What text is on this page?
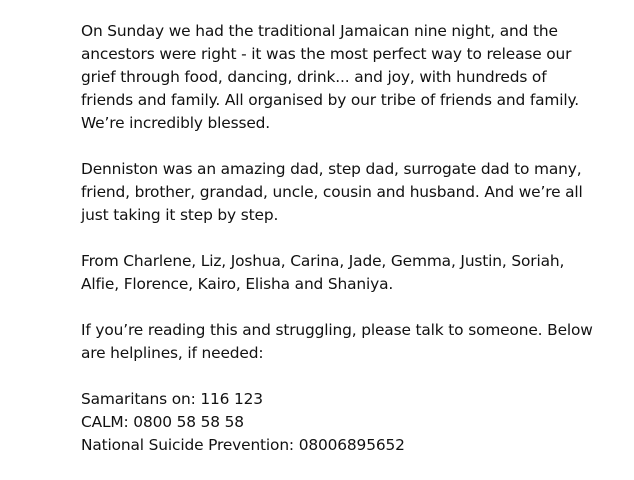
On Sunday we had the traditional Jamaican nine night, and the
ancestors were right - it was the most perfect way to release our
grief through food, dancing, drink... and joy, with hundreds of
friends and family. All organised by our tribe of friends and family.
We’re incredibly blessed.

Denniston was an amazing dad, step dad, surrogate dad to many,
friend, brother, grandad, uncle, cousin and husband. And we’re all
just taking it step by step.

From Charlene, Liz, Joshua, Carina, Jade, Gemma, Justin, Soriah,
Alfie, Florence, Kairo, Elisha and Shaniya.

If you’re reading this and struggling, please talk to someone. Below
are helplines, if needed:

Samaritans on: 116 123
CALM: 0800 58 58 58
National Suicide Prevention: 08006895652
